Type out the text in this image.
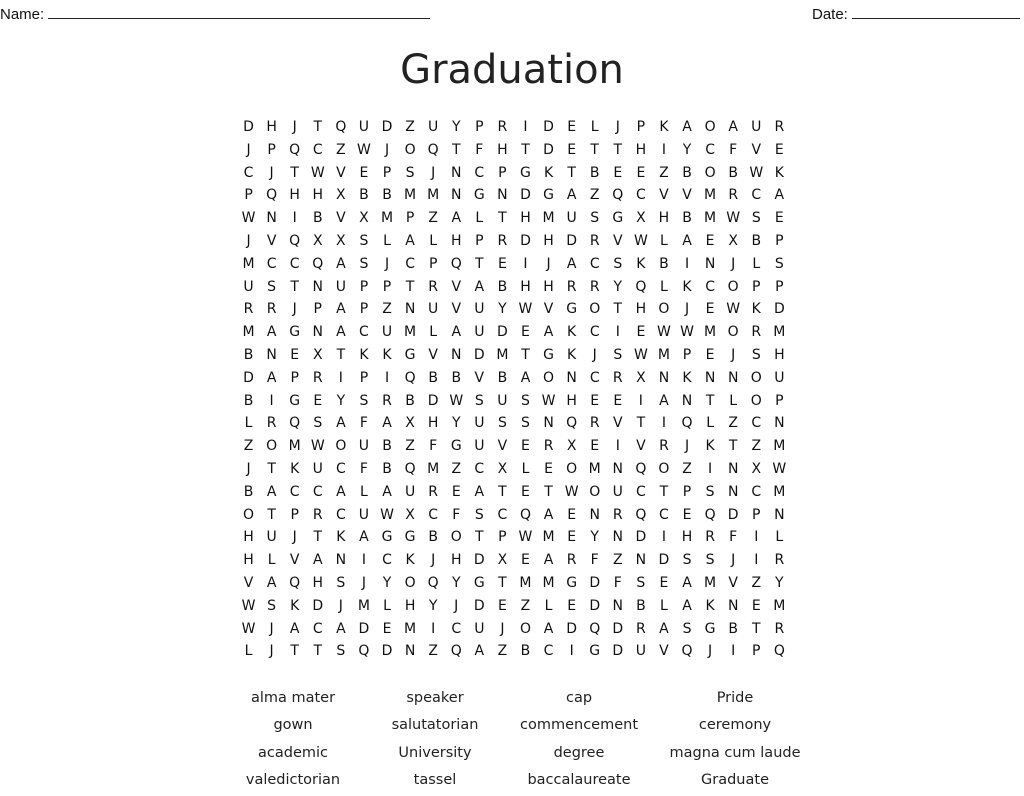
Name:	Date:
Graduation
D H	J	T Q U D Z U Y	P R	I	D E	L	J	P	K A O A U R
J	P Q C Z W	J	O Q T	F H T D E	T	T H	I	Y C	F	V E
C	J	T W V E	P	S	J	N C P G K	T	B E	E Z B O B W K
P Q H H X B B M M N G N D G A Z Q C V V M R C A
W N	I	B V X M P	Z A	L	T H M U S G X H B M W S	E
J	V Q X X S	L	A	L H P R D H D R V W L	A E X B	P
M C C Q A S	J	C P Q T	E	I	J	A C S	K B	I	N	J	L	S
U S	T N U P	P	T R V A B H H R R Y Q L	K C O P	P
R R	J	P	A	P	Z N U V U Y W V G O T H O	J	E W K D
M A G N A C U M L	A U D E A K C	I	E W W M O R M
B N E X	T	K K G V N D M T G K	J	S W M P	E	J	S H
D A	P R	I	P	I	Q B B V B A O N C R X N K N N O U
B	I	G E	Y	S R B D W S U S W H E	E	I	A N T	L O P
L	R Q S A	F	A X H Y U S	S N Q R V	T	I	Q L	Z C N
Z O M W O U B Z	F G U V E R X E	I	V R	J	K	T	Z M
J	T	K U C	F	B Q M Z C X	L	E O M N Q O Z	I	N X W
B A C C A	L	A U R E A	T	E	T W O U C T	P	S N C M
O T	P R C U W X C	F	S C Q A E N R Q C E Q D P N
H U	J	T	K A G G B O T	P W M E	Y N D	I	H R	F	I	L
H L	V A N	I	C K	J	H D X E A R	F	Z N D S	S	J	I	R
V A Q H S	J	Y O Q Y G T M M G D F	S	E A M V Z	Y
W S	K D	J	M L H Y	J	D E Z	L	E D N B	L	A K N E M
W	J	A C A D E M	I	C U	J	O A D Q D R A S G B T R
L	J	T	T	S Q D N Z Q A Z B C	I	G D U V Q	J	I	P Q
alma mater	speaker	cap	Pride
gown	salutatorian	commencement	ceremony
academic	University	degree	magna cum laude
valedictorian	tassel	baccalaureate	Graduate
